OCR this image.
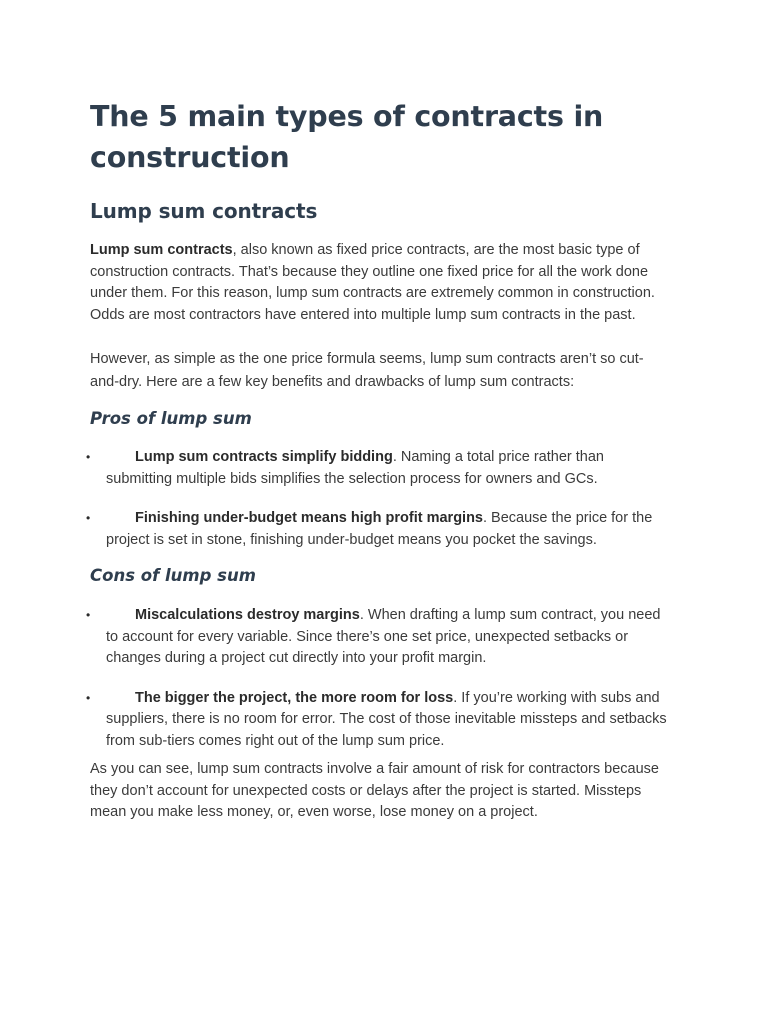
The 5 main types of contracts in construction
Lump sum contracts

Lump sum contracts, also known as fixed price contracts, are the most basic type of construction contracts. That’s because they outline one fixed price for all the work done under them. For this reason, lump sum contracts are extremely common in construction. Odds are most contractors have entered into multiple lump sum contracts in the past.

However, as simple as the one price formula seems, lump sum contracts aren’t so cut-and-dry. Here are a few key benefits and drawbacks of lump sum contracts:

Pros of lump sum
•	Lump sum contracts simplify bidding. Naming a total price rather than submitting multiple bids simplifies the selection process for owners and GCs.
•	Finishing under-budget means high profit margins. Because the price for the project is set in stone, finishing under-budget means you pocket the savings.
Cons of lump sum
•	Miscalculations destroy margins. When drafting a lump sum contract, you need to account for every variable. Since there’s one set price, unexpected setbacks or changes during a project cut directly into your profit margin.
•	The bigger the project, the more room for loss. If you’re working with subs and suppliers, there is no room for error. The cost of those inevitable missteps and setbacks from sub-tiers comes right out of the lump sum price.

As you can see, lump sum contracts involve a fair amount of risk for contractors because they don’t account for unexpected costs or delays after the project is started. Missteps mean you make less money, or, even worse, lose money on a project.
